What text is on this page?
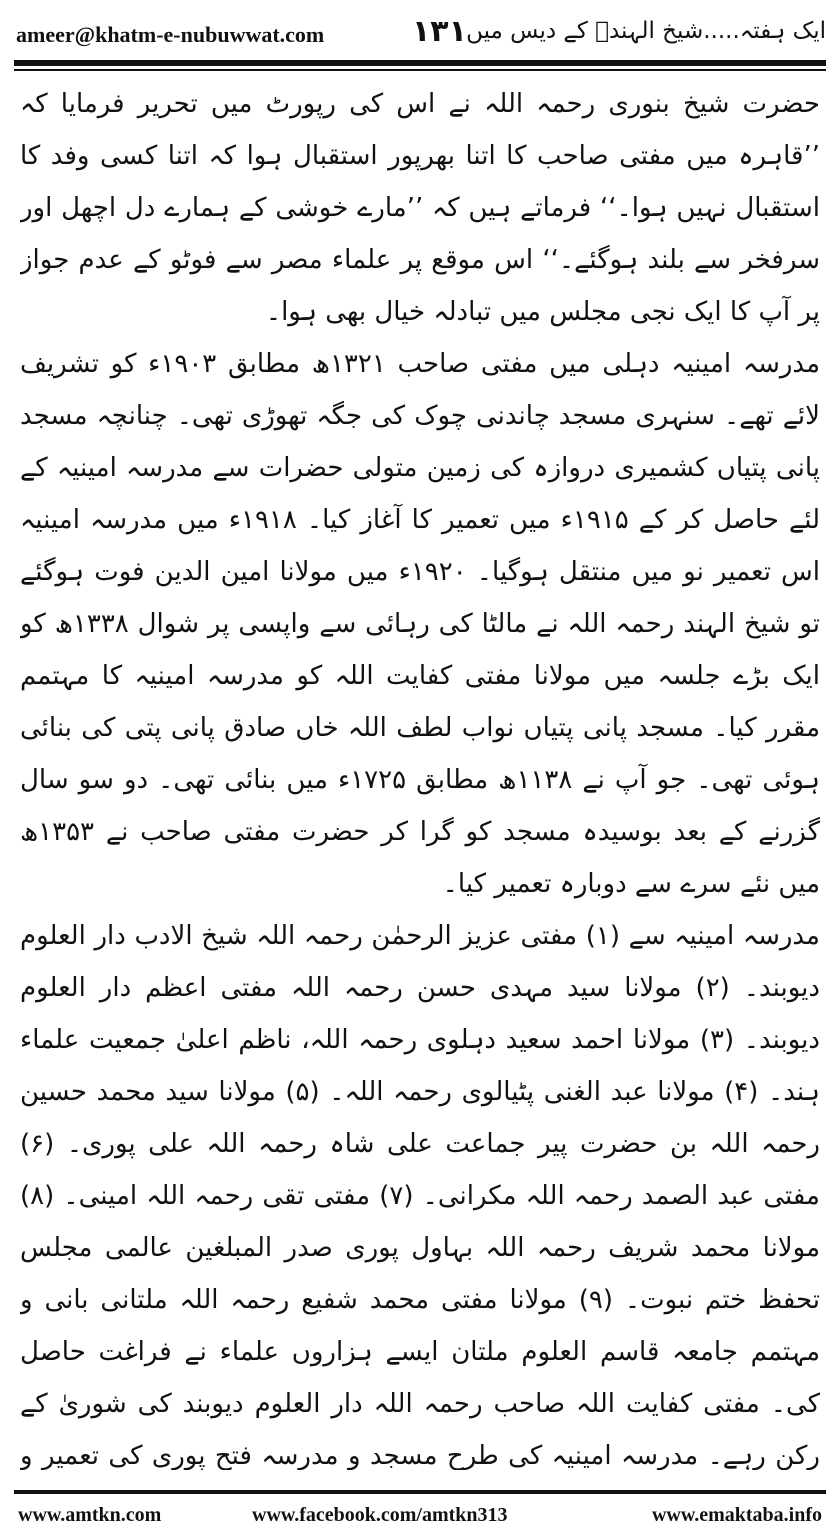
ameer@khatm-e-nubuwwat.com	۱۳۱ ایک ہفتہ.....شیخ الہندؒ کے دیس میں

حضرت شیخ بنوری رحمہ اللہ نے اس کی رپورٹ میں تحریر فرمایا کہ ’’قاہرہ میں مفتی صاحب کا اتنا بھرپور استقبال ہوا کہ اتنا کسی وفد کا استقبال نہیں ہوا۔‘‘ فرماتے ہیں کہ ’’مارے خوشی کے ہمارے دل اچھل اور سرفخر سے بلند ہوگئے۔‘‘ اس موقع پر علماء مصر سے فوٹو کے عدم جواز پر آپ کا ایک نجی مجلس میں تبادلہ خیال بھی ہوا۔

مدرسہ امینیہ دہلی میں مفتی صاحب ۱۳۲۱ھ مطابق ۱۹۰۳ء کو تشریف لائے تھے۔ سنہری مسجد چاندنی چوک کی جگہ تھوڑی تھی۔ چنانچہ مسجد پانی پتیاں کشمیری دروازہ کی زمین متولی حضرات سے مدرسہ امینیہ کے لئے حاصل کر کے ۱۹۱۵ء میں تعمیر کا آغاز کیا۔ ۱۹۱۸ء میں مدرسہ امینیہ اس تعمیر نو میں منتقل ہوگیا۔ ۱۹۲۰ء میں مولانا امین الدین فوت ہوگئے تو شیخ الہند رحمہ اللہ نے مالٹا کی رہائی سے واپسی پر شوال ۱۳۳۸ھ کو ایک بڑے جلسہ میں مولانا مفتی کفایت اللہ کو مدرسہ امینیہ کا مہتمم مقرر کیا۔ مسجد پانی پتیاں نواب لطف اللہ خاں صادق پانی پتی کی بنائی ہوئی تھی۔ جو آپ نے ۱۱۳۸ھ مطابق ۱۷۲۵ء میں بنائی تھی۔ دو سو سال گزرنے کے بعد بوسیدہ مسجد کو گرا کر حضرت مفتی صاحب نے ۱۳۵۳ھ میں نئے سرے سے دوبارہ تعمیر کیا۔

مدرسہ امینیہ سے (۱) مفتی عزیز الرحمٰن رحمہ اللہ شیخ الادب دار العلوم دیوبند۔ (۲) مولانا سید مہدی حسن رحمہ اللہ مفتی اعظم دار العلوم دیوبند۔ (۳) مولانا احمد سعید دہلوی رحمہ اللہ، ناظم اعلیٰ جمعیت علماء ہند۔ (۴) مولانا عبد الغنی پٹیالوی رحمہ اللہ۔ (۵) مولانا سید محمد حسین رحمہ اللہ بن حضرت پیر جماعت علی شاہ رحمہ اللہ علی پوری۔ (۶) مفتی عبد الصمد رحمہ اللہ مکرانی۔ (۷) مفتی تقی رحمہ اللہ امینی۔ (۸) مولانا محمد شریف رحمہ اللہ بہاول پوری صدر المبلغین عالمی مجلس تحفظ ختم نبوت۔ (۹) مولانا مفتی محمد شفیع رحمہ اللہ ملتانی بانی و مہتمم جامعہ قاسم العلوم ملتان ایسے ہزاروں علماء نے فراغت حاصل کی۔ مفتی کفایت اللہ صاحب رحمہ اللہ دار العلوم دیوبند کی شوریٰ کے رکن رہے۔ مدرسہ امینیہ کی طرح مسجد و مدرسہ فتح پوری کی تعمیر و

www.amtkn.com	www.facebook.com/amtkn313	www.emaktaba.info
